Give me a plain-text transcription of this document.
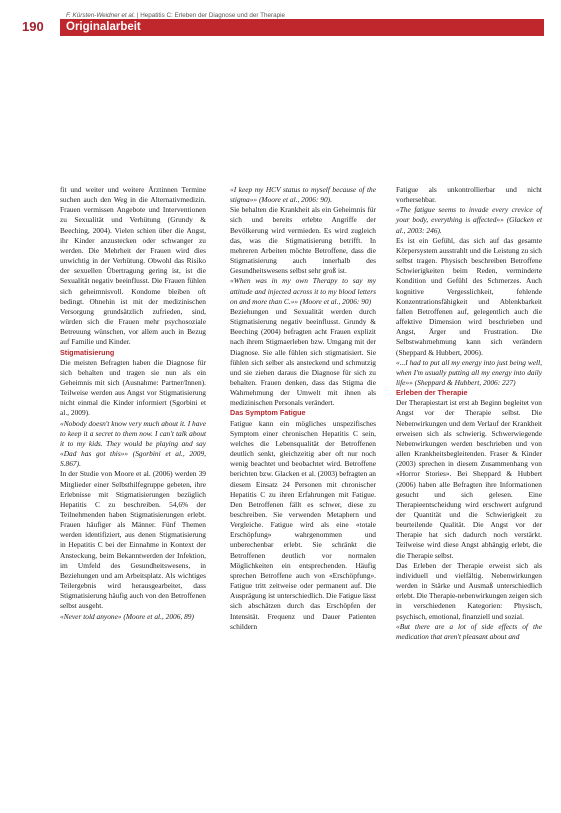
F. Kürsten-Weidner et al. | Hepatitis C: Erleben der Diagnose und der Therapie
190	Originalarbeit

fit und weiter und weitere Ärztinnen Termine suchen auch den Weg in die Alternativmedizin. Frauen vermissen Angebote und Interventionen zu Sexualität und Verhütung (Grundy & Beeching, 2004). Vielen schien über die Angst, ihr Kinder anzustecken oder schwanger zu werden. Die Mehrheit der Frauen wird dies unwichtig in der Verhütung. Obwohl das Risiko der sexuellen Übertragung gering ist, ist die Sexualität negativ beeinflusst. Die Frauen fühlen sich geheimnisvoll. Kondome bleiben oft bedingt. Ohnehin ist mit der medizinischen Versorgung grundsätzlich zufrieden, sind, würden sich die Frauen mehr psychosoziale Betreuung wünschen, vor allem auch in Bezug auf Familie und Kinder.

Stigmatisierung

Die meisten Befragten haben die Diagnose für sich behalten und tragen sie nun als ein Geheimnis mit sich (Ausnahme: Partner/Innen). Teilweise werden aus Angst vor Stigmatisierung nicht einmal die Kinder informiert (Sgorbini et al., 2009).

«Nobody doesn't know very much about it. I have to keep it a secret to them now. I can't talk about it to my kids. They would be playing and say «Dad has got this»» (Sgorbini et al., 2009, S.867).

In der Studie von Moore et al. (2006) werden 39 Mitglieder einer Selbsthilfegruppe gebeten, ihre Erlebnisse mit Stigmatisierungen bezüglich Hepatitis C zu beschreiben. 54,6% der Teilnehmenden haben Stigmatisierungen erlebt. Frauen häufiger als Männer. Fünf Themen werden identifiziert, aus denen Stigmatisierung in Hepatitis C bei der Einnahme in Kontext der Ansteckung, beim Bekanntwerden der Infektion, im Umfeld des Gesundheitswesens, in Beziehungen und am Arbeitsplatz. Als wichtiges Teilergebnis wird herausgearbeitet, dass Stigmatisierung häufig auch von den Betroffenen selbst ausgeht.

«Never told anyone» (Moore et al., 2006, 89)

«I keep my HCV status to myself because of the stigma»» (Moore et al., 2006: 90).

Sie behalten die Krankheit als ein Geheimnis für sich und bereits erlebte Angriffe der Bevölkerung wird vermieden. Es wird zugleich das, was die Stigmatisierung betrifft. In mehreren Arbeiten möchte Betroffene, dass die Stigmatisierung auch innerhalb des Gesundheitswesens selbst sehr groß ist.

«When was in my own Therapy to say my attitude and injected across it to my blood letters on and more than C.»» (Moore et al., 2006: 90)

Beziehungen und Sexualität werden durch Stigmatisierung negativ beeinflusst. Grundy & Beeching (2004) befragten acht Frauen explizit nach ihrem Stigmaerleben bzw. Umgang mit der Diagnose. Sie alle fühlen sich stigmatisiert. Sie fühlen sich selber als ansteckend und schmutzig und sie ziehen daraus die Diagnose für sich zu behalten. Frauen denken, dass das Stigma die Wahrnehmung der Umwelt mit ihnen als medizinischen Personals verändert.

Das Symptom Fatigue

Fatigue kann ein mögliches unspezifisches Symptom einer chronischen Hepatitis C sein, welches die Lebensqualität der Betroffenen deutlich senkt, gleichzeitig aber oft nur noch wenig beachtet und beobachtet wird. Betroffene berichten bzw. Glacken et al. (2003) befragten an diesem Einsatz 24 Personen mit chronischer Hepatitis C zu ihren Erfahrungen mit Fatigue. Den Betroffenen fällt es schwer, diese zu beschreiben. Sie verwenden Metaphern und Vergleiche. Fatigue wird als eine «totale Erschöpfung» wahrgenommen und unberechenbar erlebt. Sie schränkt die Betroffenen deutlich vor normalen Möglichkeiten ein entsprechenden. Häufig sprechen Betroffene auch von «Erschöpfung». Fatigue tritt zeitweise oder permanent auf. Die Ausprägung ist unterschiedlich. Die Fatigue lässt sich abschätzen durch das Erschöpfen der Intensität. Frequenz und Dauer Patienten schildern

Fatigue als unkontrollierbar und nicht vorhersehbar.

«The fatigue seems to invade every crevice of your body, everything is affected»» (Glacken et al., 2003: 246).

Es ist ein Gefühl, das sich auf das gesamte Körpersystem ausstrahlt und die Leistung zu sich selbst tragen. Physisch beschreiben Betroffene Schwierigkeiten beim Reden, verminderte Kondition und Gefühl des Schmerzes. Auch kognitive Vergesslichkeit, fehlende Konzentrationsfähigkeit und Ablenkbarkeit fallen Betroffenen auf, gelegentlich auch die affektive Dimension wird beschrieben und Angst, Ärger und Frustration. Die Selbstwahrnehmung kann sich verändern (Sheppard & Hubbert, 2006).

«...I had to put all my energy into just being well, when I'm usually putting all my energy into daily life»» (Sheppard & Hubbert, 2006: 227)

Erleben der Therapie

Der Therapiestart ist erst ab Beginn begleitet von Angst vor der Therapie selbst. Die Nebenwirkungen und dem Verlauf der Krankheit erweisen sich als schwierig. Schwerwiegende Nebenwirkungen werden beschrieben und von allen Krankheitsbegleitenden. Fraser & Kinder (2003) sprechen in diesem Zusammenhang von «Horror Stories». Bei Sheppard & Hubbert (2006) haben alle Befragten ihre Informationen gesucht und sich gelesen. Eine Therapieentscheidung wird erschwert aufgrund der Quantität und die Schwierigkeit zu beurteilende Qualität. Die Angst vor der Therapie hat sich dadurch noch verstärkt. Teilweise wird diese Angst abhängig erlebt, die die Therapie selbst.

Das Erleben der Therapie erweist sich als individuell und vielfältig. Nebenwirkungen werden in Stärke und Ausmaß unterschiedlich erlebt. Die Therapie-nebenwirkungen zeigen sich in verschiedenen Kategorien: Physisch, psychisch, emotional, finanziell und sozial.

«But there are a lot of side effects of the medication that aren't pleasant about and
